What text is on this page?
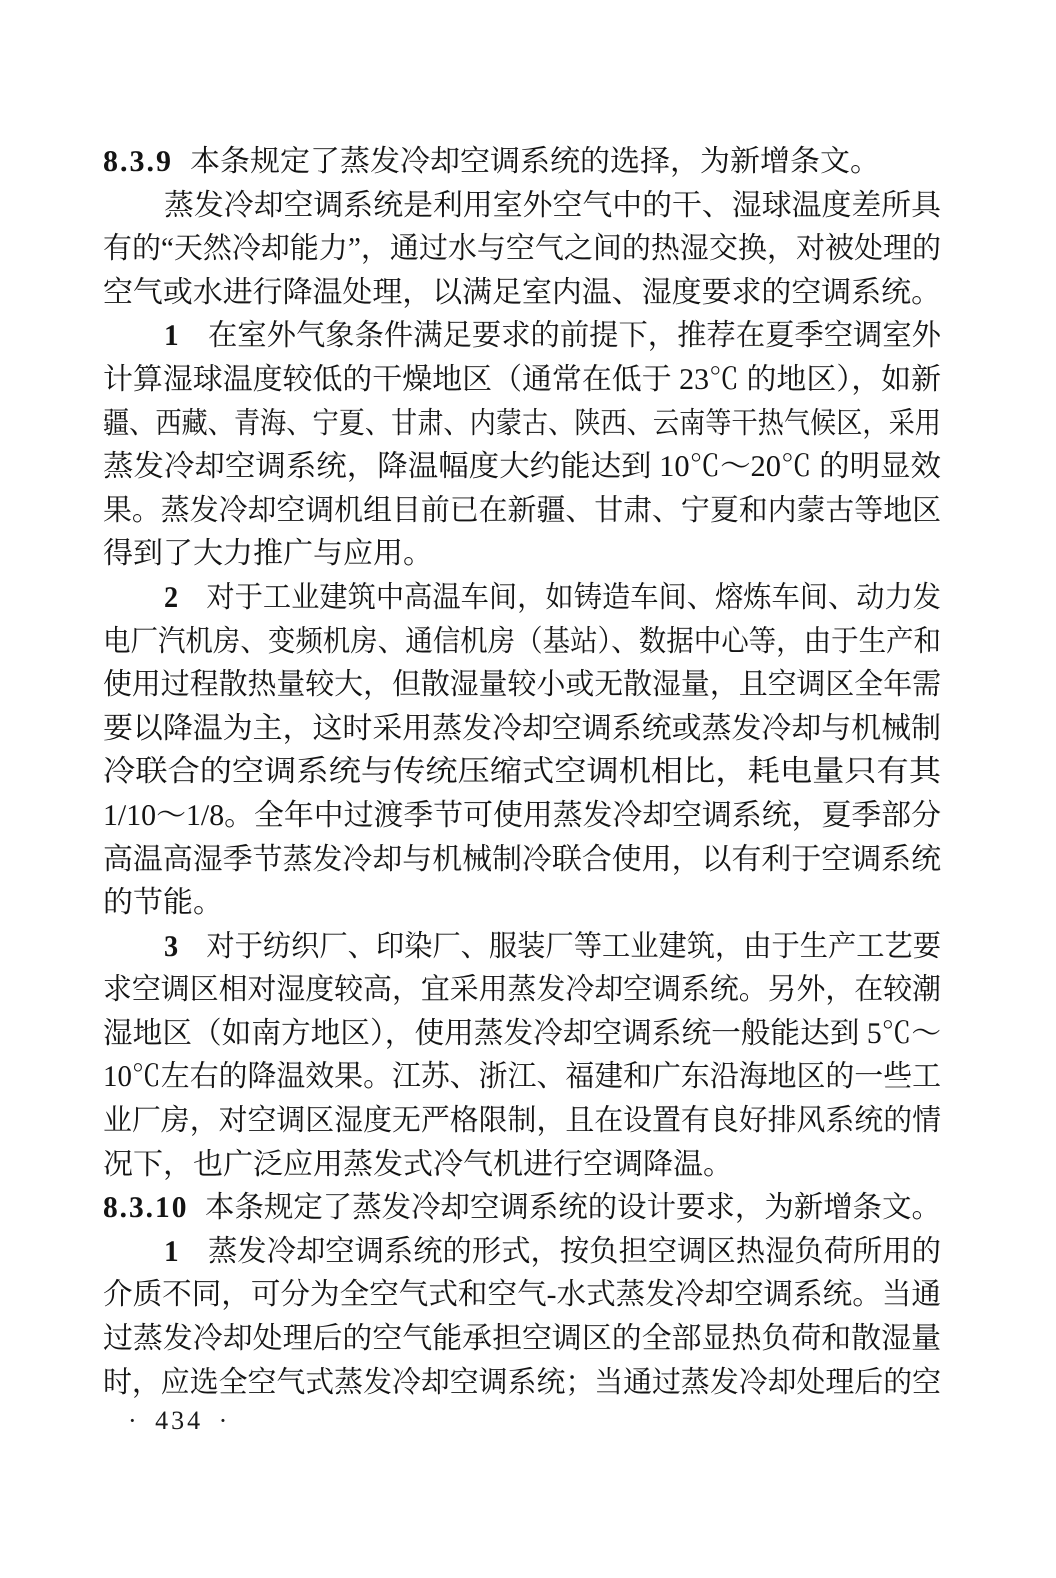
8.3.9 本条规定了蒸发冷却空调系统的选择，为新增条文。
蒸发冷却空调系统是利用室外空气中的干、湿球温度差所具
有的“天然冷却能力”，通过水与空气之间的热湿交换，对被处理的
空气或水进行降温处理，以满足室内温、湿度要求的空调系统。
1 在室外气象条件满足要求的前提下，推荐在夏季空调室外
计算湿球温度较低的干燥地区（通常在低于 23℃ 的地区），如新
疆、西藏、青海、宁夏、甘肃、内蒙古、陕西、云南等干热气候区，采用
蒸发冷却空调系统，降温幅度大约能达到 10℃～20℃ 的明显效
果。蒸发冷却空调机组目前已在新疆、甘肃、宁夏和内蒙古等地区
得到了大力推广与应用。
2 对于工业建筑中高温车间，如铸造车间、熔炼车间、动力发
电厂汽机房、变频机房、通信机房（基站）、数据中心等，由于生产和
使用过程散热量较大，但散湿量较小或无散湿量，且空调区全年需
要以降温为主，这时采用蒸发冷却空调系统或蒸发冷却与机械制
冷联合的空调系统与传统压缩式空调机相比，耗电量只有其
1/10～1/8。全年中过渡季节可使用蒸发冷却空调系统，夏季部分
高温高湿季节蒸发冷却与机械制冷联合使用，以有利于空调系统
的节能。
3 对于纺织厂、印染厂、服装厂等工业建筑，由于生产工艺要
求空调区相对湿度较高，宜采用蒸发冷却空调系统。另外，在较潮
湿地区（如南方地区），使用蒸发冷却空调系统一般能达到 5℃～
10℃左右的降温效果。江苏、浙江、福建和广东沿海地区的一些工
业厂房，对空调区湿度无严格限制，且在设置有良好排风系统的情
况下，也广泛应用蒸发式冷气机进行空调降温。
8.3.10 本条规定了蒸发冷却空调系统的设计要求，为新增条文。
1 蒸发冷却空调系统的形式，按负担空调区热湿负荷所用的
介质不同，可分为全空气式和空气-水式蒸发冷却空调系统。当通
过蒸发冷却处理后的空气能承担空调区的全部显热负荷和散湿量
时，应选全空气式蒸发冷却空调系统；当通过蒸发冷却处理后的空
· 434 ·
